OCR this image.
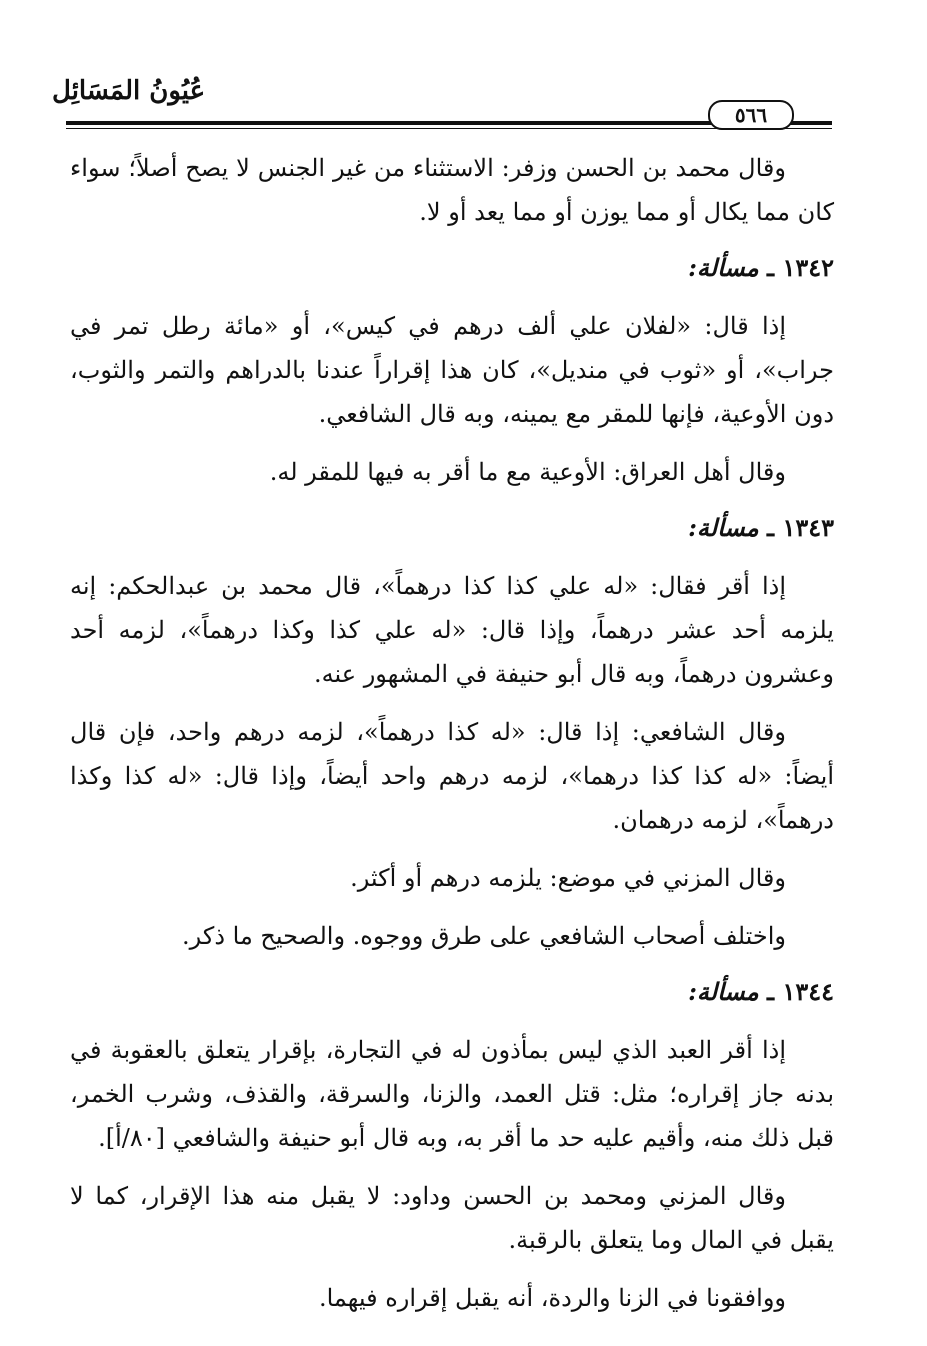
عُيُونُ المَسَائِل
٥٦٦

وقال محمد بن الحسن وزفر: الاستثناء من غير الجنس لا يصح أصلاً؛ سواء كان مما يكال أو مما يوزن أو مما يعد أو لا.

١٣٤٢ ـ مسألة:

إذا قال: «لفلان علي ألف درهم في كيس»، أو «مائة رطل تمر في جراب»، أو «ثوب في منديل»، كان هذا إقراراً عندنا بالدراهم والتمر والثوب، دون الأوعية، فإنها للمقر مع يمينه، وبه قال الشافعي.

وقال أهل العراق: الأوعية مع ما أقر به فيها للمقر له.

١٣٤٣ ـ مسألة:

إذا أقر فقال: «له علي كذا كذا درهماً»، قال محمد بن عبدالحكم: إنه يلزمه أحد عشر درهماً، وإذا قال: «له علي كذا وكذا درهماً»، لزمه أحد وعشرون درهماً، وبه قال أبو حنيفة في المشهور عنه.

وقال الشافعي: إذا قال: «له كذا درهماً»، لزمه درهم واحد، فإن قال أيضاً: «له كذا كذا درهما»، لزمه درهم واحد أيضاً، وإذا قال: «له كذا وكذا درهماً»، لزمه درهمان.

وقال المزني في موضع: يلزمه درهم أو أكثر.

واختلف أصحاب الشافعي على طرق ووجوه. والصحيح ما ذكر.

١٣٤٤ ـ مسألة:

إذا أقر العبد الذي ليس بمأذون له في التجارة، بإقرار يتعلق بالعقوبة في بدنه جاز إقراره؛ مثل: قتل العمد، والزنا، والسرقة، والقذف، وشرب الخمر، قبل ذلك منه، وأقيم عليه حد ما أقر به، وبه قال أبو حنيفة والشافعي [٨٠/أ].

وقال المزني ومحمد بن الحسن وداود: لا يقبل منه هذا الإقرار، كما لا يقبل في المال وما يتعلق بالرقبة.

ووافقونا في الزنا والردة، أنه يقبل إقراره فيهما.
